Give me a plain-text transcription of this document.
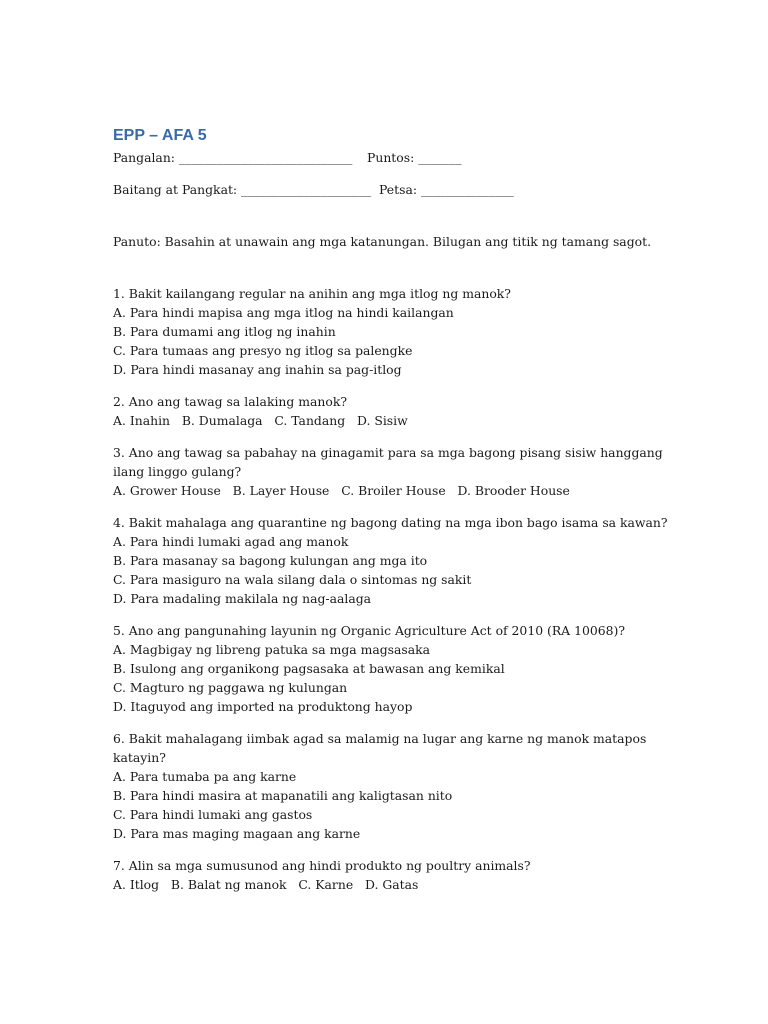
EPP – AFA 5
Pangalan: ____________________________ Puntos: _______
Baitang at Pangkat: _____________________ Petsa: _______________
Panuto: Basahin at unawain ang mga katanungan. Bilugan ang titik ng tamang sagot.
1. Bakit kailangang regular na anihin ang mga itlog ng manok?
A. Para hindi mapisa ang mga itlog na hindi kailangan
B. Para dumami ang itlog ng inahin
C. Para tumaas ang presyo ng itlog sa palengke
D. Para hindi masanay ang inahin sa pag-itlog
2. Ano ang tawag sa lalaking manok?
A. Inahin   B. Dumalaga   C. Tandang   D. Sisiw
3. Ano ang tawag sa pabahay na ginagamit para sa mga bagong pisang sisiw hanggang ilang linggo gulang?
A. Grower House   B. Layer House   C. Broiler House   D. Brooder House
4. Bakit mahalaga ang quarantine ng bagong dating na mga ibon bago isama sa kawan?
A. Para hindi lumaki agad ang manok
B. Para masanay sa bagong kulungan ang mga ito
C. Para masiguro na wala silang dala o sintomas ng sakit
D. Para madaling makilala ng nag-aalaga
5. Ano ang pangunahing layunin ng Organic Agriculture Act of 2010 (RA 10068)?
A. Magbigay ng libreng patuka sa mga magsasaka
B. Isulong ang organikong pagsasaka at bawasan ang kemikal
C. Magturo ng paggawa ng kulungan
D. Itaguyod ang imported na produktong hayop
6. Bakit mahalagang iimbak agad sa malamig na lugar ang karne ng manok matapos katayin?
A. Para tumaba pa ang karne
B. Para hindi masira at mapanatili ang kaligtasan nito
C. Para hindi lumaki ang gastos
D. Para mas maging magaan ang karne
7. Alin sa mga sumusunod ang hindi produkto ng poultry animals?
A. Itlog   B. Balat ng manok   C. Karne   D. Gatas
